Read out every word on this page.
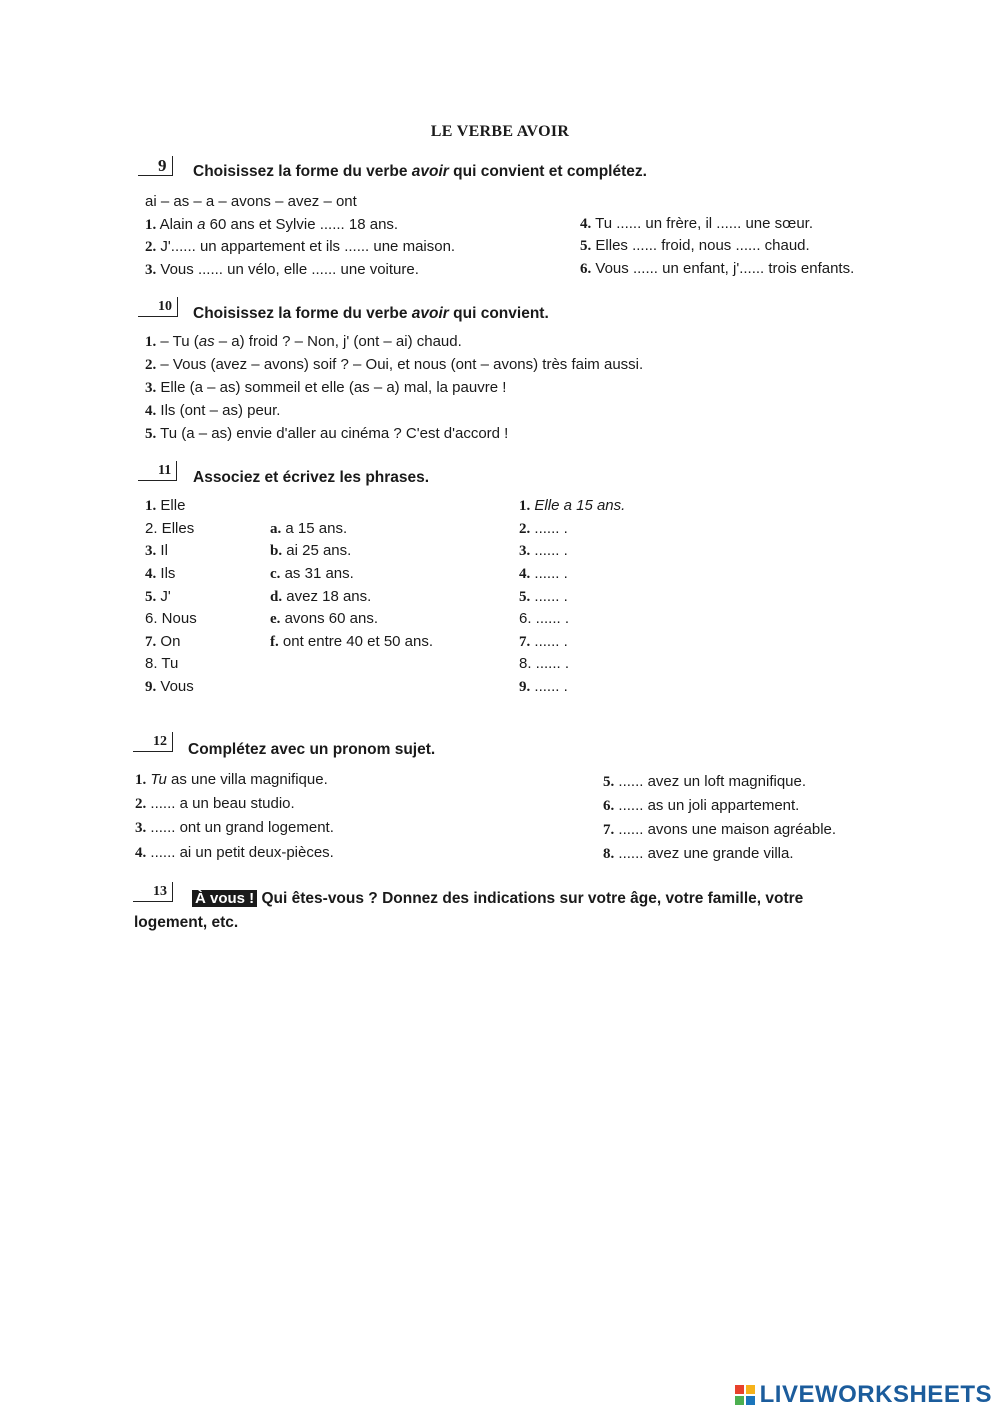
LE VERBE AVOIR
9	Choisissez la forme du verbe avoir qui convient et complétez.
ai – as – a – avons – avez – ont
1. Alain a 60 ans et Sylvie ...... 18 ans.
2. J'...... un appartement et ils ...... une maison.
3. Vous ...... un vélo, elle ...... une voiture.
4. Tu ...... un frère, il ...... une sœur.
5. Elles ...... froid, nous ...... chaud.
6. Vous ...... un enfant, j'...... trois enfants.
10	Choisissez la forme du verbe avoir qui convient.
1. – Tu (as – a) froid ? – Non, j' (ont – ai) chaud.
2. – Vous (avez – avons) soif ? – Oui, et nous (ont – avons) très faim aussi.
3. Elle (a – as) sommeil et elle (as – a) mal, la pauvre !
4. Ils (ont – as) peur.
5. Tu (a – as) envie d'aller au cinéma ? C'est d'accord !
11	Associez et écrivez les phrases.
1. Elle
2. Elles
3. Il
4. Ils
5. J'
6. Nous
7. On
8. Tu
9. Vous
a. a 15 ans.
b. ai 25 ans.
c. as 31 ans.
d. avez 18 ans.
e. avons 60 ans.
f. ont entre 40 et 50 ans.
1. Elle a 15 ans.
2. ...... .
3. ...... .
4. ...... .
5. ...... .
6. ...... .
7. ...... .
8. ...... .
9. ...... .
12	Complétez avec un pronom sujet.
1. Tu as une villa magnifique.
2. ...... a un beau studio.
3. ...... ont un grand logement.
4. ...... ai un petit deux-pièces.
5. ...... avez un loft magnifique.
6. ...... as un joli appartement.
7. ...... avons une maison agréable.
8. ...... avez une grande villa.
13	À vous ! Qui êtes-vous ? Donnez des indications sur votre âge, votre famille, votre
logement, etc.
LIVEWORKSHEETS
